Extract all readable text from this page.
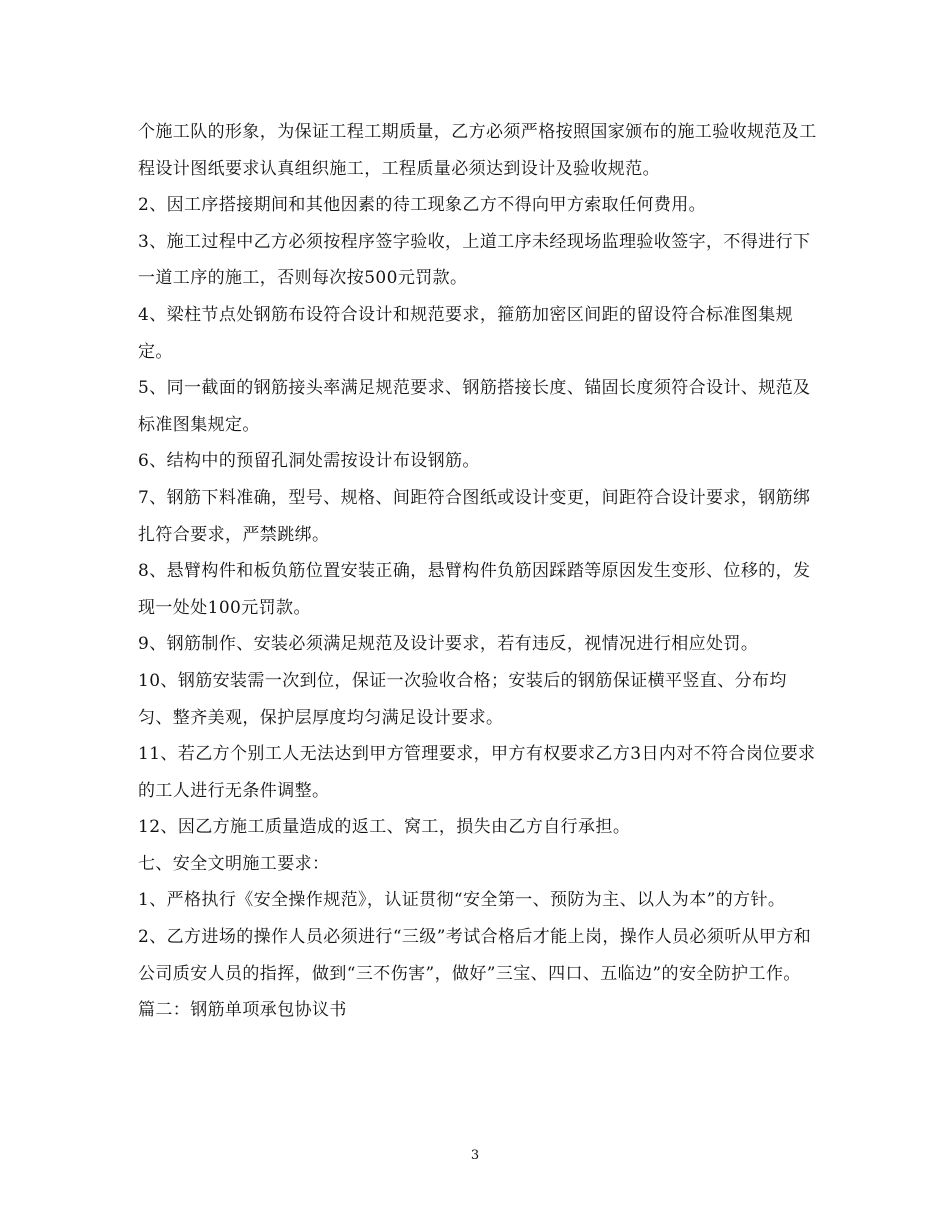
个施工队的形象，为保证工程工期质量，乙方必须严格按照国家颁布的施工验收规范及工程设计图纸要求认真组织施工，工程质量必须达到设计及验收规范。

2、因工序搭接期间和其他因素的待工现象乙方不得向甲方索取任何费用。

3、施工过程中乙方必须按程序签字验收，上道工序未经现场监理验收签字，不得进行下一道工序的施工，否则每次按500元罚款。

4、梁柱节点处钢筋布设符合设计和规范要求，箍筋加密区间距的留设符合标准图集规定。

5、同一截面的钢筋接头率满足规范要求、钢筋搭接长度、锚固长度须符合设计、规范及标准图集规定。

6、结构中的预留孔洞处需按设计布设钢筋。

7、钢筋下料准确，型号、规格、间距符合图纸或设计变更，间距符合设计要求，钢筋绑扎符合要求，严禁跳绑。

8、悬臂构件和板负筋位置安装正确，悬臂构件负筋因踩踏等原因发生变形、位移的，发现一处处100元罚款。

9、钢筋制作、安装必须满足规范及设计要求，若有违反，视情况进行相应处罚。

10、钢筋安装需一次到位，保证一次验收合格；安装后的钢筋保证横平竖直、分布均匀、整齐美观，保护层厚度均匀满足设计要求。

11、若乙方个别工人无法达到甲方管理要求，甲方有权要求乙方3日内对不符合岗位要求的工人进行无条件调整。

12、因乙方施工质量造成的返工、窝工，损失由乙方自行承担。

七、安全文明施工要求：

1、严格执行《安全操作规范》，认证贯彻“安全第一、预防为主、以人为本”的方针。

2、乙方进场的操作人员必须进行“三级”考试合格后才能上岗，操作人员必须听从甲方和公司质安人员的指挥，做到“三不伤害”，做好”三宝、四口、五临边”的安全防护工作。

篇二：钢筋单项承包协议书

3
